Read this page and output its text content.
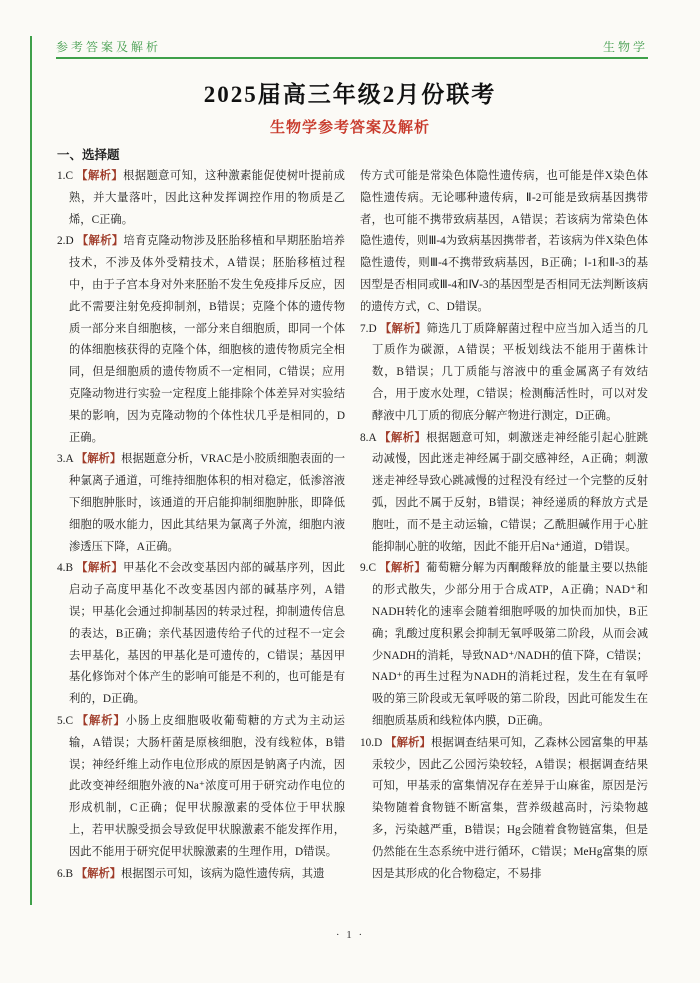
参考答案及解析	生物学
2025届高三年级2月份联考
生物学参考答案及解析
一、选择题

1.C 【解析】根据题意可知，这种激素能促使树叶提前成熟，并大量落叶，因此这种发挥调控作用的物质是乙烯，C正确。

2.D 【解析】培育克隆动物涉及胚胎移植和早期胚胎培养技术，不涉及体外受精技术，A错误；胚胎移植过程中，由于子宫本身对外来胚胎不发生免疫排斥反应，因此不需要注射免疫抑制剂，B错误；克隆个体的遗传物质一部分来自细胞核，一部分来自细胞质，即同一个体的体细胞核获得的克隆个体，细胞核的遗传物质完全相同，但是细胞质的遗传物质不一定相同，C错误；应用克隆动物进行实验一定程度上能排除个体差异对实验结果的影响，因为克隆动物的个体性状几乎是相同的，D正确。

3.A 【解析】根据题意分析，VRAC是小胶质细胞表面的一种氯离子通道，可维持细胞体积的相对稳定，低渗溶液下细胞肿胀时，该通道的开启能抑制细胞肿胀，即降低细胞的吸水能力，因此其结果为氯离子外流，细胞内液渗透压下降，A正确。

4.B 【解析】甲基化不会改变基因内部的碱基序列，因此启动子高度甲基化不改变基因内部的碱基序列，A错误；甲基化会通过抑制基因的转录过程，抑制遗传信息的表达，B正确；亲代基因遗传给子代的过程不一定会去甲基化，基因的甲基化是可遗传的，C错误；基因甲基化修饰对个体产生的影响可能是不利的，也可能是有利的，D正确。

5.C 【解析】小肠上皮细胞吸收葡萄糖的方式为主动运输，A错误；大肠杆菌是原核细胞，没有线粒体，B错误；神经纤维上动作电位形成的原因是钠离子内流，因此改变神经细胞外液的Na⁺浓度可用于研究动作电位的形成机制，C正确；促甲状腺激素的受体位于甲状腺上，若甲状腺受损会导致促甲状腺激素不能发挥作用，因此不能用于研究促甲状腺激素的生理作用，D错误。

6.B 【解析】根据图示可知，该病为隐性遗传病，其遗

传方式可能是常染色体隐性遗传病，也可能是伴X染色体隐性遗传病。无论哪种遗传病，Ⅱ-2可能是致病基因携带者，也可能不携带致病基因，A错误；若该病为常染色体隐性遗传，则Ⅲ-4为致病基因携带者，若该病为伴X染色体隐性遗传，则Ⅲ-4不携带致病基因，B正确；Ⅰ-1和Ⅱ-3的基因型是否相同或Ⅲ-4和Ⅳ-3的基因型是否相同无法判断该病的遗传方式，C、D错误。

7.D 【解析】筛选几丁质降解菌过程中应当加入适当的几丁质作为碳源，A错误；平板划线法不能用于菌株计数，B错误；几丁质能与溶液中的重金属离子有效结合，用于废水处理，C错误；检测酶活性时，可以对发酵液中几丁质的彻底分解产物进行测定，D正确。

8.A 【解析】根据题意可知，刺激迷走神经能引起心脏跳动减慢，因此迷走神经属于副交感神经，A正确；刺激迷走神经导致心跳减慢的过程没有经过一个完整的反射弧，因此不属于反射，B错误；神经递质的释放方式是胞吐，而不是主动运输，C错误；乙酰胆碱作用于心脏能抑制心脏的收缩，因此不能开启Na⁺通道，D错误。

9.C 【解析】葡萄糖分解为丙酮酸释放的能量主要以热能的形式散失，少部分用于合成ATP，A正确；NAD⁺和NADH转化的速率会随着细胞呼吸的加快而加快，B正确；乳酸过度积累会抑制无氧呼吸第二阶段，从而会减少NADH的消耗，导致NAD⁺/NADH的值下降，C错误；NAD⁺的再生过程为NADH的消耗过程，发生在有氧呼吸的第三阶段或无氧呼吸的第二阶段，因此可能发生在细胞质基质和线粒体内膜，D正确。

10.D 【解析】根据调查结果可知，乙森林公园富集的甲基汞较少，因此乙公园污染较轻，A错误；根据调查结果可知，甲基汞的富集情况存在差异于山麻雀，原因是污染物随着食物链不断富集，营养级越高时，污染物越多，污染越严重，B错误；Hg会随着食物链富集，但是仍然能在生态系统中进行循环，C错误；MeHg富集的原因是其形成的化合物稳定，不易排

· 1 ·
